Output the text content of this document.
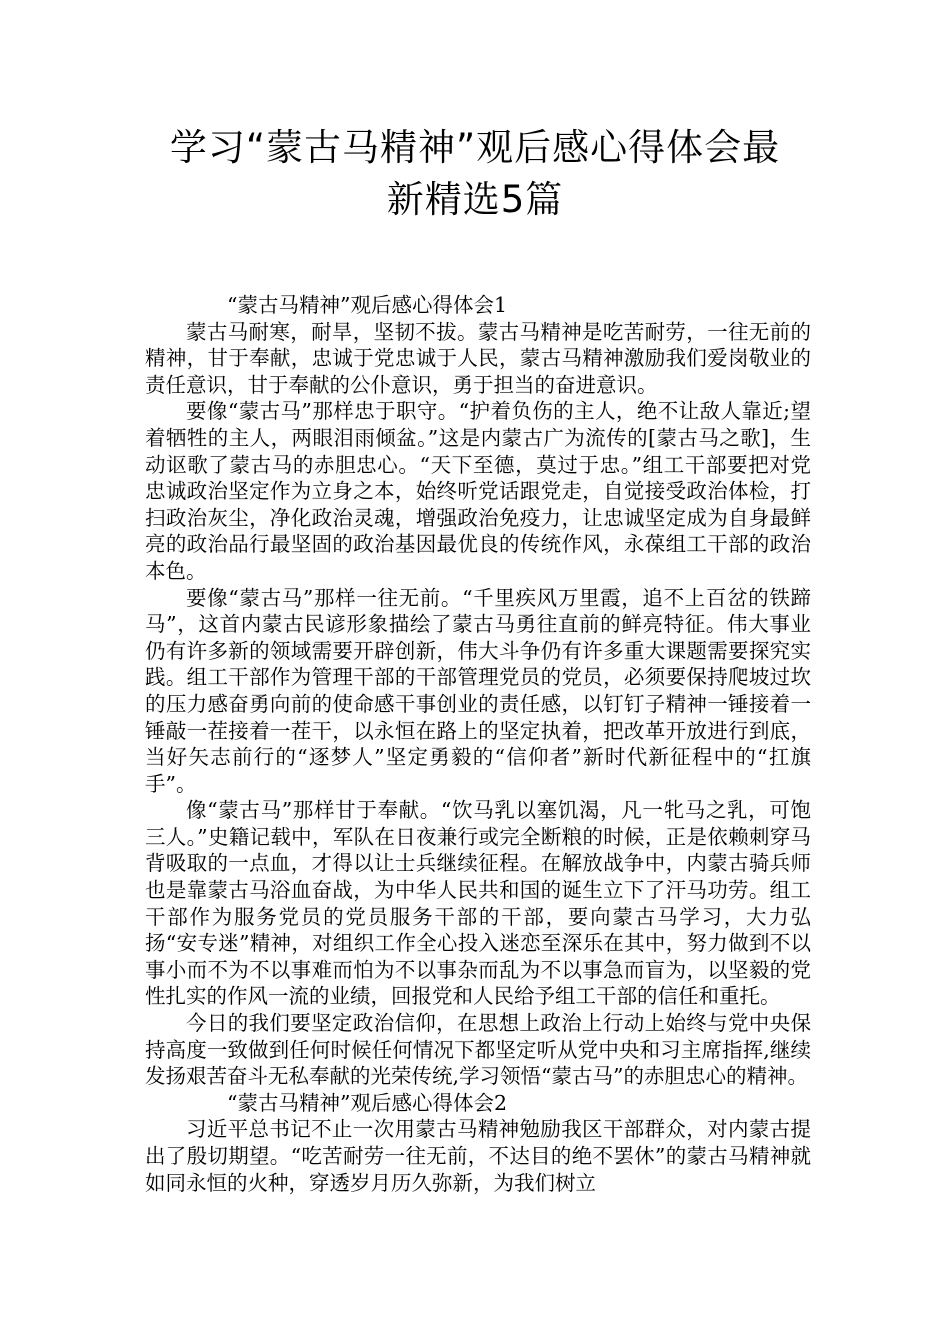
学习“蒙古马精神”观后感心得体会最
新精选5篇

“蒙古马精神”观后感心得体会1

蒙古马耐寒，耐旱，坚韧不拔。蒙古马精神是吃苦耐劳，一往无前的精神，甘于奉献，忠诚于党忠诚于人民，蒙古马精神激励我们爱岗敬业的责任意识，甘于奉献的公仆意识，勇于担当的奋进意识。

要像“蒙古马”那样忠于职守。“护着负伤的主人，绝不让敌人靠近;望着牺牲的主人，两眼泪雨倾盆。”这是内蒙古广为流传的[蒙古马之歌]，生动讴歌了蒙古马的赤胆忠心。“天下至德，莫过于忠。”组工干部要把对党忠诚政治坚定作为立身之本，始终听党话跟党走，自觉接受政治体检，打扫政治灰尘，净化政治灵魂，增强政治免疫力，让忠诚坚定成为自身最鲜亮的政治品行最坚固的政治基因最优良的传统作风，永葆组工干部的政治本色。

要像“蒙古马”那样一往无前。“千里疾风万里霞，追不上百岔的铁蹄马”，这首内蒙古民谚形象描绘了蒙古马勇往直前的鲜亮特征。伟大事业仍有许多新的领域需要开辟创新，伟大斗争仍有许多重大课题需要探究实践。组工干部作为管理干部的干部管理党员的党员，必须要保持爬坡过坎的压力感奋勇向前的使命感干事创业的责任感，以钉钉子精神一锤接着一锤敲一茬接着一茬干，以永恒在路上的坚定执着，把改革开放进行到底，当好矢志前行的“逐梦人”坚定勇毅的“信仰者”新时代新征程中的“扛旗手”。

像“蒙古马”那样甘于奉献。“饮马乳以塞饥渴，凡一牝马之乳，可饱三人。”史籍记载中，军队在日夜兼行或完全断粮的时候，正是依赖刺穿马背吸取的一点血，才得以让士兵继续征程。在解放战争中，内蒙古骑兵师也是靠蒙古马浴血奋战，为中华人民共和国的诞生立下了汗马功劳。组工干部作为服务党员的党员服务干部的干部，要向蒙古马学习，大力弘扬“安专迷”精神，对组织工作全心投入迷恋至深乐在其中，努力做到不以事小而不为不以事难而怕为不以事杂而乱为不以事急而盲为，以坚毅的党性扎实的作风一流的业绩，回报党和人民给予组工干部的信任和重托。

今日的我们要坚定政治信仰，在思想上政治上行动上始终与党中央保持高度一致做到任何时候任何情况下都坚定听从党中央和习主席指挥,继续发扬艰苦奋斗无私奉献的光荣传统,学习领悟“蒙古马”的赤胆忠心的精神。

“蒙古马精神”观后感心得体会2

习近平总书记不止一次用蒙古马精神勉励我区干部群众，对内蒙古提出了殷切期望。“吃苦耐劳一往无前，不达目的绝不罢休”的蒙古马精神就如同永恒的火种，穿透岁月历久弥新，为我们树立
